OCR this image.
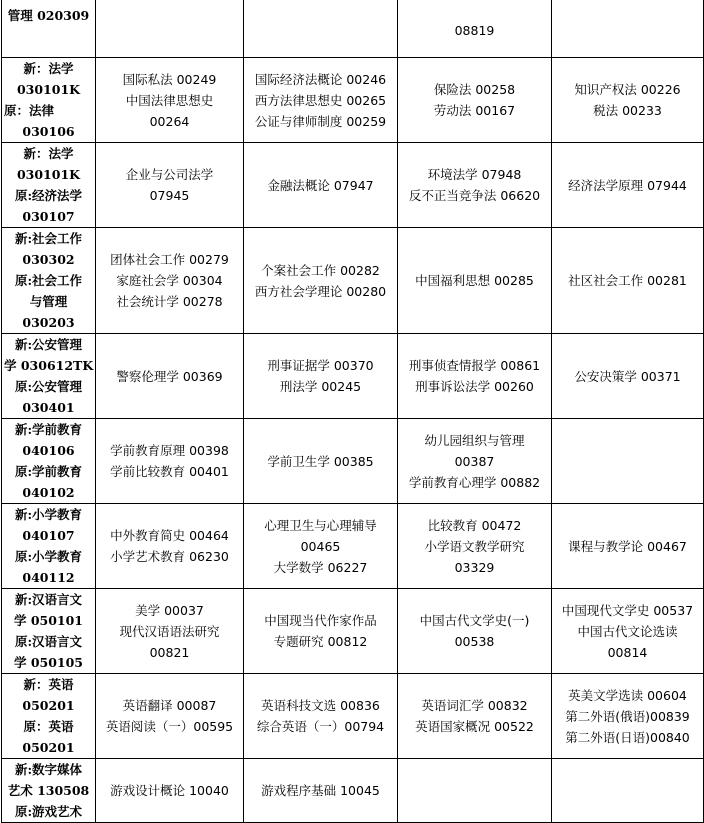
管理 020309			08819	

新：法学
030101K
原：法律
030106	国际私法 00249
中国法律思想史
00264	国际经济法概论 00246
西方法律思想史 00265
公证与律师制度 00259	保险法 00258
劳动法 00167	知识产权法 00226
税法 00233

新：法学
030101K
原:经济法学
030107	企业与公司法学
07945	金融法概论 07947	环境法学 07948
反不正当竞争法 06620	经济法学原理 07944

新:社会工作
030302
原:社会工作
与管理
030203	团体社会工作 00279
家庭社会学 00304
社会统计学 00278	个案社会工作 00282
西方社会学理论 00280	中国福利思想 00285	社区社会工作 00281

新:公安管理
学 030612TK
原:公安管理
030401	警察伦理学 00369	刑事证据学 00370
刑法学 00245	刑事侦查情报学 00861
刑事诉讼法学 00260	公安决策学 00371

新:学前教育
040106
原:学前教育
040102	学前教育原理 00398
学前比较教育 00401	学前卫生学 00385	幼儿园组织与管理
00387
学前教育心理学 00882	

新:小学教育
040107
原:小学教育
040112	中外教育简史 00464
小学艺术教育 06230	心理卫生与心理辅导
00465
大学数学 06227	比较教育 00472
小学语文教学研究
03329	课程与教学论 00467

新:汉语言文
学 050101
原:汉语言文
学 050105	美学 00037
现代汉语语法研究
00821	中国现当代作家作品
专题研究 00812	中国古代文学史(一)
00538	中国现代文学史 00537
中国古代文论选读
00814

新：英语
050201
原：英语
050201	英语翻译 00087
英语阅读（一）00595	英语科技文选 00836
综合英语（一）00794	英语词汇学 00832
英语国家概况 00522	英美文学选读 00604
第二外语(俄语)00839
第二外语(日语)00840

新:数字媒体
艺术 130508
原:游戏艺术	游戏设计概论 10040	游戏程序基础 10045		
